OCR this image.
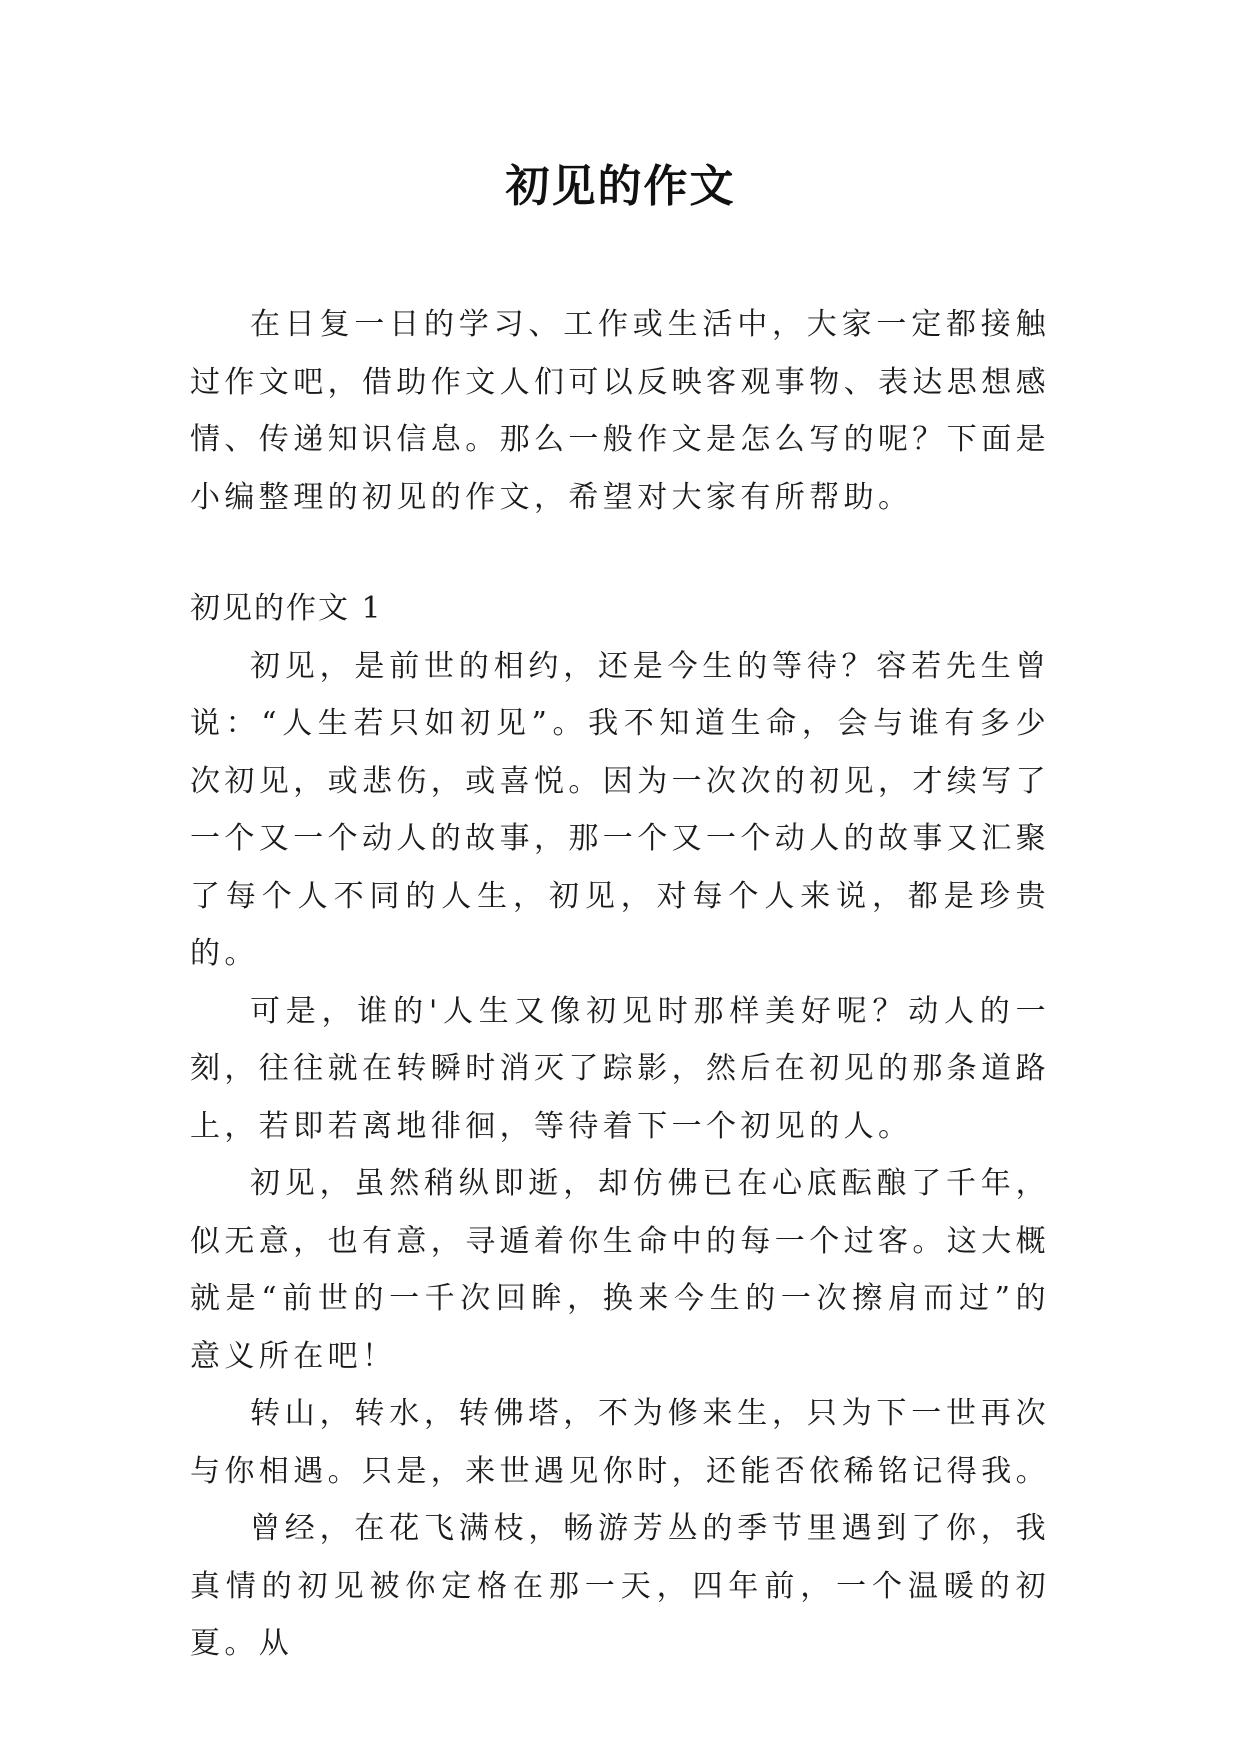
初见的作文

在日复一日的学习、工作或生活中，大家一定都接触过作文吧，借助作文人们可以反映客观事物、表达思想感情、传递知识信息。那么一般作文是怎么写的呢？下面是小编整理的初见的作文，希望对大家有所帮助。

初见的作文 1

初见，是前世的相约，还是今生的等待？容若先生曾说：“人生若只如初见”。我不知道生命，会与谁有多少次初见，或悲伤，或喜悦。因为一次次的初见，才续写了一个又一个动人的故事，那一个又一个动人的故事又汇聚了每个人不同的人生，初见，对每个人来说，都是珍贵的。

可是，谁的'人生又像初见时那样美好呢？动人的一刻，往往就在转瞬时消灭了踪影，然后在初见的那条道路上，若即若离地徘徊，等待着下一个初见的人。

初见，虽然稍纵即逝，却仿佛已在心底酝酿了千年，似无意，也有意，寻遁着你生命中的每一个过客。这大概就是“前世的一千次回眸，换来今生的一次擦肩而过”的意义所在吧！

转山，转水，转佛塔，不为修来生，只为下一世再次与你相遇。只是，来世遇见你时，还能否依稀铭记得我。

曾经，在花飞满枝，畅游芳丛的季节里遇到了你，我真情的初见被你定格在那一天，四年前，一个温暖的初夏。从
